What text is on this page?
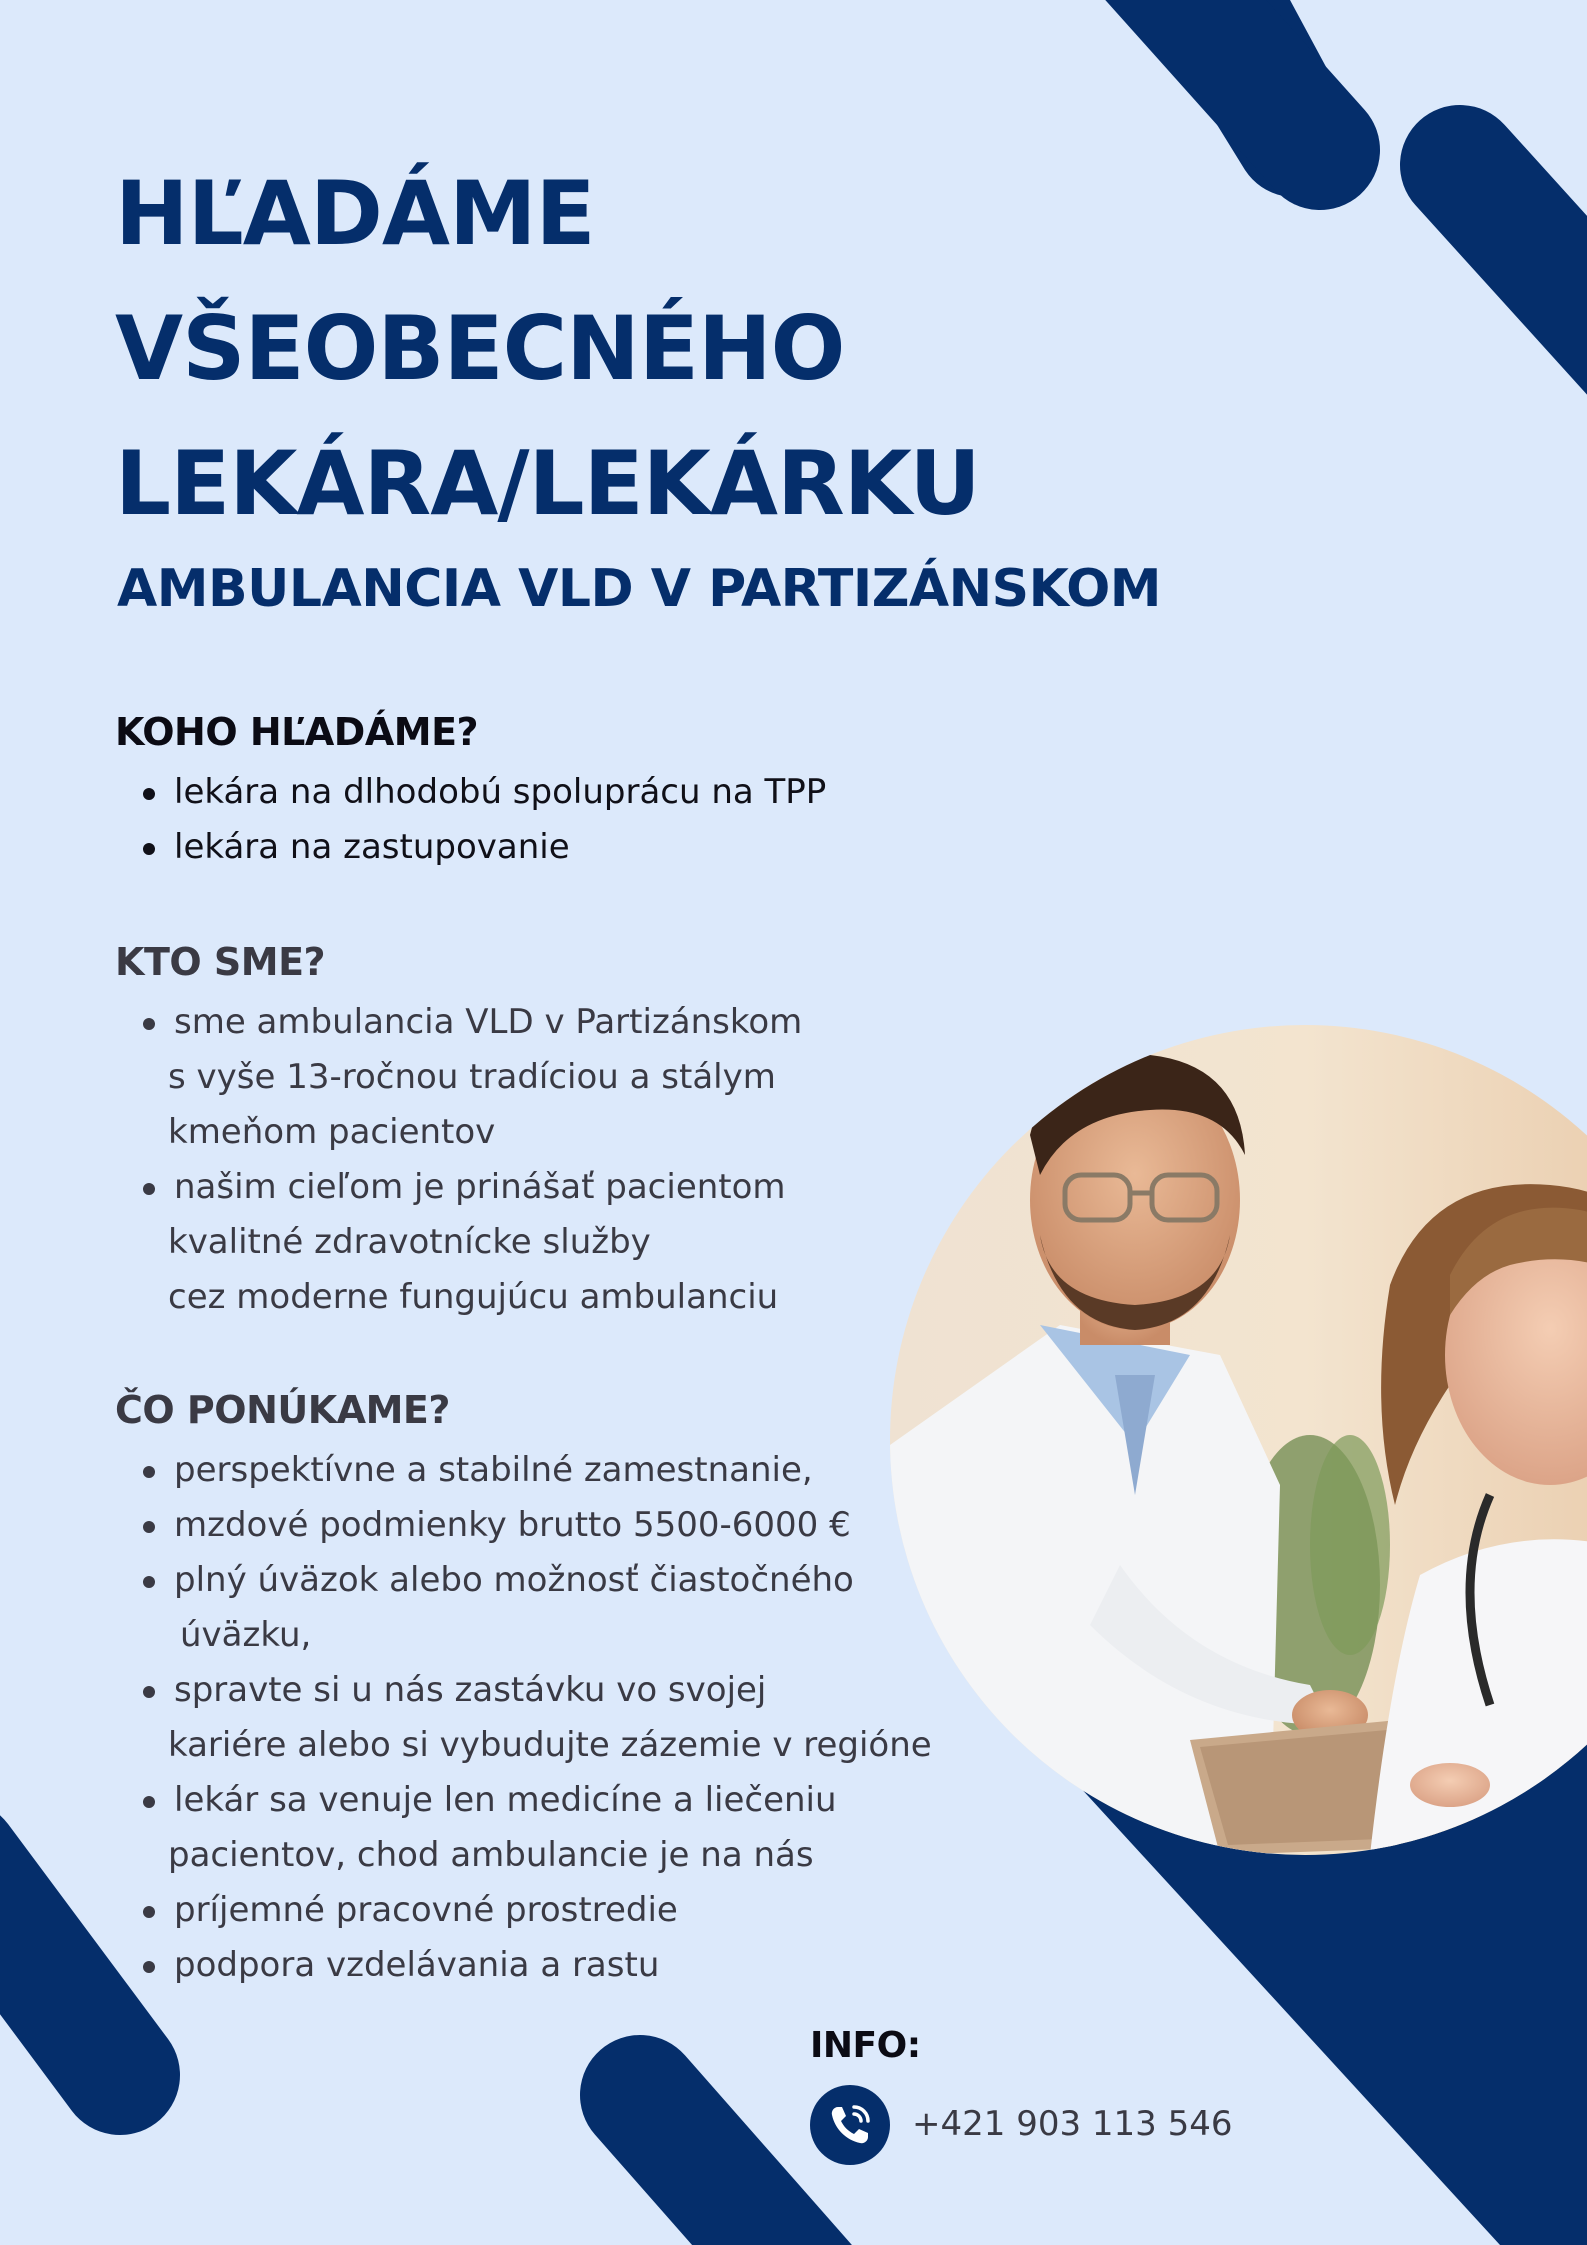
HĽADÁME
VŠEOBECNÉHO
LEKÁRA/LEKÁRKU
AMBULANCIA VLD V PARTIZÁNSKOM
KOHO HĽADÁME?
lekára na dlhodobú spoluprácu na TPP
lekára na zastupovanie
KTO SME?
sme ambulancia VLD v Partizánskom
s vyše 13-ročnou tradíciou a stálym
kmeňom pacientov
našim cieľom je prinášať pacientom
kvalitné zdravotnícke služby
cez moderne fungujúcu ambulanciu
ČO PONÚKAME?
perspektívne a stabilné zamestnanie,
mzdové podmienky brutto 5500-6000 €
plný úväzok alebo možnosť čiastočného
úväzku,
spravte si u nás zastávku vo svojej
kariére alebo si vybudujte zázemie v regióne
lekár sa venuje len medicíne a liečeniu
pacientov, chod ambulancie je na nás
príjemné pracovné prostredie
podpora vzdelávania a rastu

INFO:

+421 903 113 546
